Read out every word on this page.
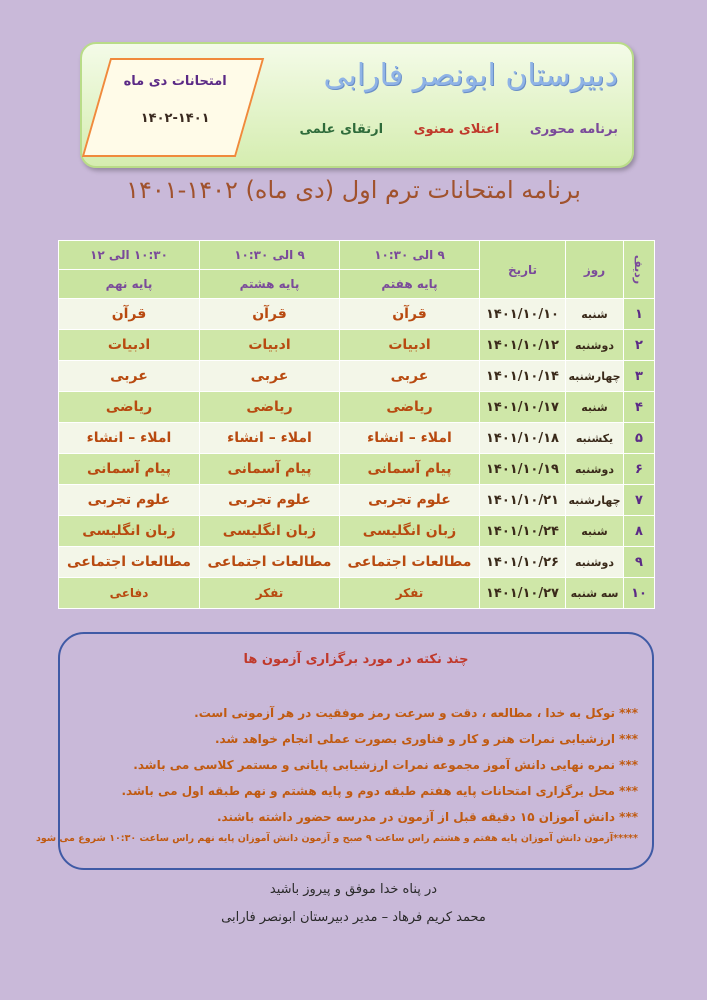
دبیرستان ابونصر فارابی
برنامه محوری اعتلای معنوی ارتقای علمی
امتحانات دی ماه
۱۴۰۲-۱۴۰۱
برنامه امتحانات ترم اول (دی ماه) ۱۴۰۲-۱۴۰۱
ردیف	روز	تاریخ	۹ الی ۱۰:۳۰	۹ الی ۱۰:۳۰	۱۰:۳۰ الی ۱۲
			پایه هفتم	پایه هشتم	پایه نهم
۱	شنبه	۱۴۰۱/۱۰/۱۰	قرآن	قرآن	قرآن
۲	دوشنبه	۱۴۰۱/۱۰/۱۲	ادبیات	ادبیات	ادبیات
۳	چهارشنبه	۱۴۰۱/۱۰/۱۴	عربی	عربی	عربی
۴	شنبه	۱۴۰۱/۱۰/۱۷	ریاضی	ریاضی	ریاضی
۵	یکشنبه	۱۴۰۱/۱۰/۱۸	املاء – انشاء	املاء – انشاء	املاء – انشاء
۶	دوشنبه	۱۴۰۱/۱۰/۱۹	پیام آسمانی	پیام آسمانی	پیام آسمانی
۷	چهارشنبه	۱۴۰۱/۱۰/۲۱	علوم تجربی	علوم تجربی	علوم تجربی
۸	شنبه	۱۴۰۱/۱۰/۲۴	زبان انگلیسی	زبان انگلیسی	زبان انگلیسی
۹	دوشنبه	۱۴۰۱/۱۰/۲۶	مطالعات اجتماعی	مطالعات اجتماعی	مطالعات اجتماعی
۱۰	سه شنبه	۱۴۰۱/۱۰/۲۷	تفکر	تفکر	دفاعی
چند نکته در مورد برگزاری آزمون ها
*** توکل به خدا ، مطالعه ، دقت و سرعت رمز موفقیت در هر آزمونی است.
*** ارزشیابی نمرات هنر و کار و فناوری بصورت عملی انجام خواهد شد.
*** نمره نهایی دانش آموز مجموعه نمرات ارزشیابی پایانی و مستمر کلاسی می باشد.
*** محل برگزاری امتحانات پایه هفتم طبقه دوم و پایه هشتم و نهم طبقه اول می باشد.
*** دانش آموزان ۱۵ دقیقه قبل از آزمون در مدرسه حضور داشته باشند.
*****آزمون دانش آموزان پایه هفتم و هشتم راس ساعت ۹ صبح و آزمون دانش آموزان پایه نهم راس ساعت ۱۰:۳۰ شروع می شود
در پناه خدا موفق و پیروز باشید
محمد کریم فرهاد – مدیر دبیرستان ابونصر فارابی
